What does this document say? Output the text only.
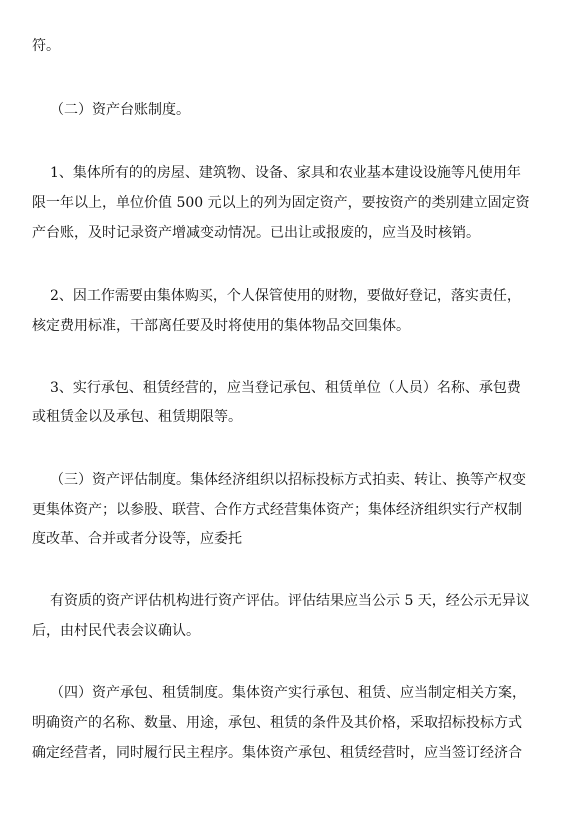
符。
（二）资产台账制度。
1、集体所有的的房屋、建筑物、设备、家具和农业基本建设设施等凡使用年
限一年以上，单位价值 500 元以上的列为固定资产，要按资产的类别建立固定资
产台账，及时记录资产增减变动情况。已出让或报废的，应当及时核销。
2、因工作需要由集体购买，个人保管使用的财物，要做好登记，落实责任，
核定费用标准，干部离任要及时将使用的集体物品交回集体。
3、实行承包、租赁经营的，应当登记承包、租赁单位（人员）名称、承包费
或租赁金以及承包、租赁期限等。
（三）资产评估制度。集体经济组织以招标投标方式拍卖、转让、换等产权变
更集体资产；以参股、联营、合作方式经营集体资产；集体经济组织实行产权制
度改革、合并或者分设等，应委托
有资质的资产评估机构进行资产评估。评估结果应当公示 5 天，经公示无异议
后，由村民代表会议确认。
（四）资产承包、租赁制度。集体资产实行承包、租赁、应当制定相关方案，
明确资产的名称、数量、用途，承包、租赁的条件及其价格，采取招标投标方式
确定经营者，同时履行民主程序。集体资产承包、租赁经营时，应当签订经济合
